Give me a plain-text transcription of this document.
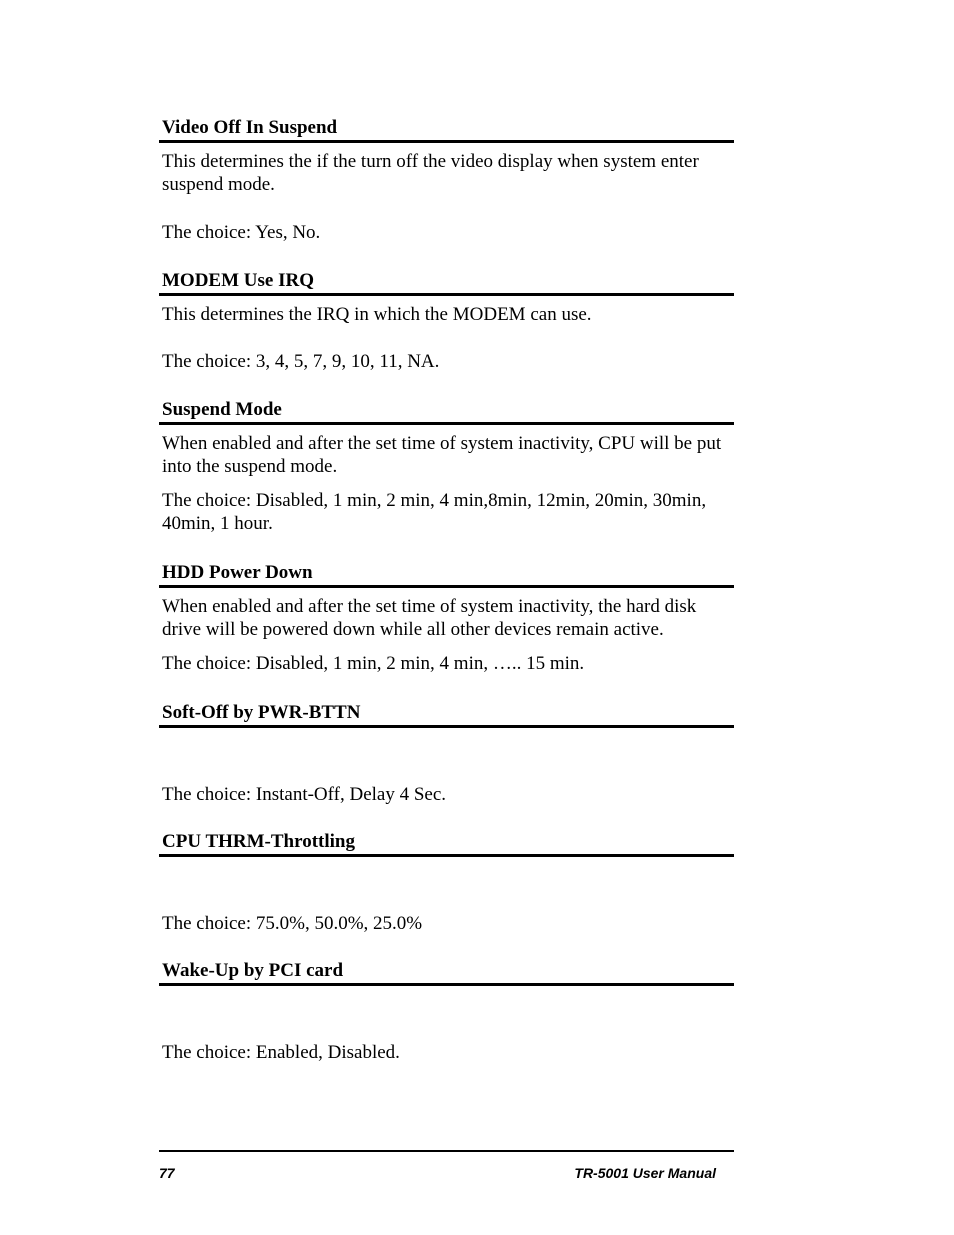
Video Off In Suspend
This determines the if the turn off the video display when system enter suspend mode.
The choice: Yes, No.
MODEM Use IRQ
This determines the IRQ in which the MODEM can use.
The choice: 3, 4, 5, 7, 9, 10, 11, NA.
Suspend Mode
When enabled and after the set time of system inactivity, CPU will be put into the suspend mode.
The choice: Disabled, 1 min, 2 min, 4 min,8min, 12min, 20min, 30min, 40min, 1 hour.
HDD Power Down
When enabled and after the set time of system inactivity, the hard disk drive will be powered down while all other devices remain active.
The choice: Disabled, 1 min, 2 min, 4 min, ….. 15 min.
Soft-Off by PWR-BTTN
The choice: Instant-Off, Delay 4 Sec.
CPU THRM-Throttling
The choice: 75.0%, 50.0%, 25.0%
Wake-Up by PCI card
The choice: Enabled, Disabled.
77	TR-5001 User Manual
